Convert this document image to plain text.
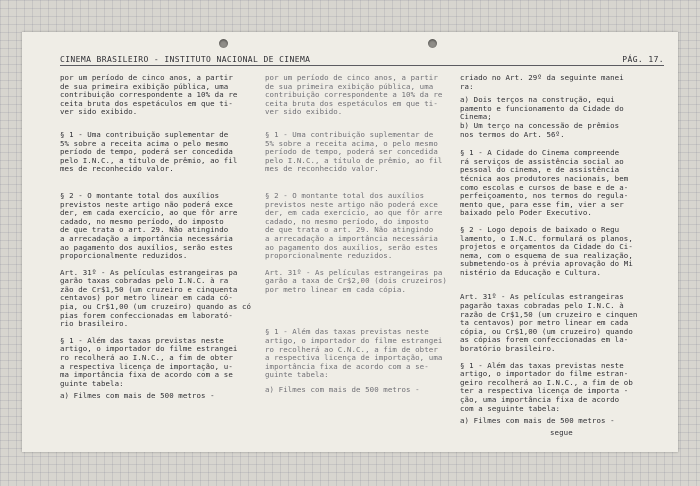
CINEMA BRASILEIRO - INSTITUTO NACIONAL DE CINEMA	PÁG. 17.

por um período de cinco anos, a partir
de sua primeira exibição pública, uma
contribuição correspondente a 10% da re
ceita bruta dos espetáculos em que ti-
ver sido exibido.

§ 1 - Uma contribuição suplementar de
5% sobre a receita acima o pelo mesmo
período de tempo, poderá ser concedida
pelo I.N.C., a título de prêmio, ao fil
mes de reconhecido valor.

§ 2 - O montante total dos auxílios
previstos neste artigo não poderá exce
der, em cada exercício, ao que fôr arre
cadado, no mesmo período, do imposto
de que trata o art. 29. Não atingindo
a arrecadação a importância necessária
ao pagamento dos auxílios, serão estes
proporcionalmente reduzidos.

Art. 31º - As películas estrangeiras pa
garão taxas cobradas pelo I.N.C. à ra
zão de Cr$1,50 (um cruzeiro e cinquenta
centavos) por metro linear em cada có-
pia, ou Cr$1,00 (um cruzeiro) quando as có
pias forem confeccionadas em laborató-
rio brasileiro.

§ 1 - Além das taxas previstas neste
artigo, o importador do filme estrangei
ro recolherá ao I.N.C., a fim de obter
a respectiva licença de importação, u-
ma importância fixa de acordo com a se
guinte tabela:

a) Filmes com mais de 500 metros -

por um período de cinco anos, a partir
de sua primeira exibição pública, uma
contribuição correspondente a 10% da re
ceita bruta dos espetáculos em que ti-
ver sido exibido.

§ 1 - Uma contribuição suplementar de
5% sobre a receita acima, o pelo mesmo
período de tempo, poderá ser concedida
pelo I.N.C., a título de prêmio, ao fil
mes de reconhecido valor.

§ 2 - O montante total dos auxílios
previstos neste artigo não poderá exce
der, em cada exercício, ao que fôr arre
cadado, no mesmo período, do imposto
de que trata o art. 29. Não atingindo
a arrecadação a importância necessária
ao pagamento dos auxílios, serão estes
proporcionalmente reduzidos.

Art. 31º - As películas estrangeiras pa
garão a taxa de Cr$2,00 (dois cruzeiros)
por metro linear em cada cópia.

§ 1 - Além das taxas previstas neste
artigo, o importador do filme estrangei
ro recolherá ao C.N.C., a fim de obter
a respectiva licença de importação, uma
importância fixa de acordo com a se-
guinte tabela:

a) Filmes com mais de 500 metros -

criado no Art. 29º da seguinte manei
ra:

a) Dois terços na construção, equi
pamento e funcionamento da Cidade do
Cinema;
b) Um terço na concessão de prêmios
nos termos do Art. 56º.

§ 1 - A Cidade do Cinema compreende
rá serviços de assistência social ao
pessoal do cinema, e de assistência
técnica aos produtores nacionais, bem
como escolas e cursos de base e de a-
perfeiçoamento, nos termos do regula-
mento que, para esse fim, vier a ser
baixado pelo Poder Executivo.

§ 2 - Logo depois de baixado o Regu
lamento, o I.N.C. formulará os planos,
projetos e orçamentos da Cidade do Ci-
nema, com o esquema de sua realização,
submetendo-os à prévia aprovação do Mi
nistério da Educação e Cultura.

Art. 31º - As películas estrangeiras
pagarão taxas cobradas pelo I.N.C. à
razão de Cr$1,50 (um cruzeiro e cinquen
ta centavos) por metro linear em cada
cópia, ou Cr$1,00 (um cruzeiro) quando
as cópias forem confeccionadas em la-
boratório brasileiro.

§ 1 - Além das taxas previstas neste
artigo, o importador do filme estran-
geiro recolherá ao I.N.C., a fim de ob
ter a respectiva licença de importa -
ção, uma importância fixa de acordo
com a seguinte tabela:

a) Filmes com mais de 500 metros -

segue
